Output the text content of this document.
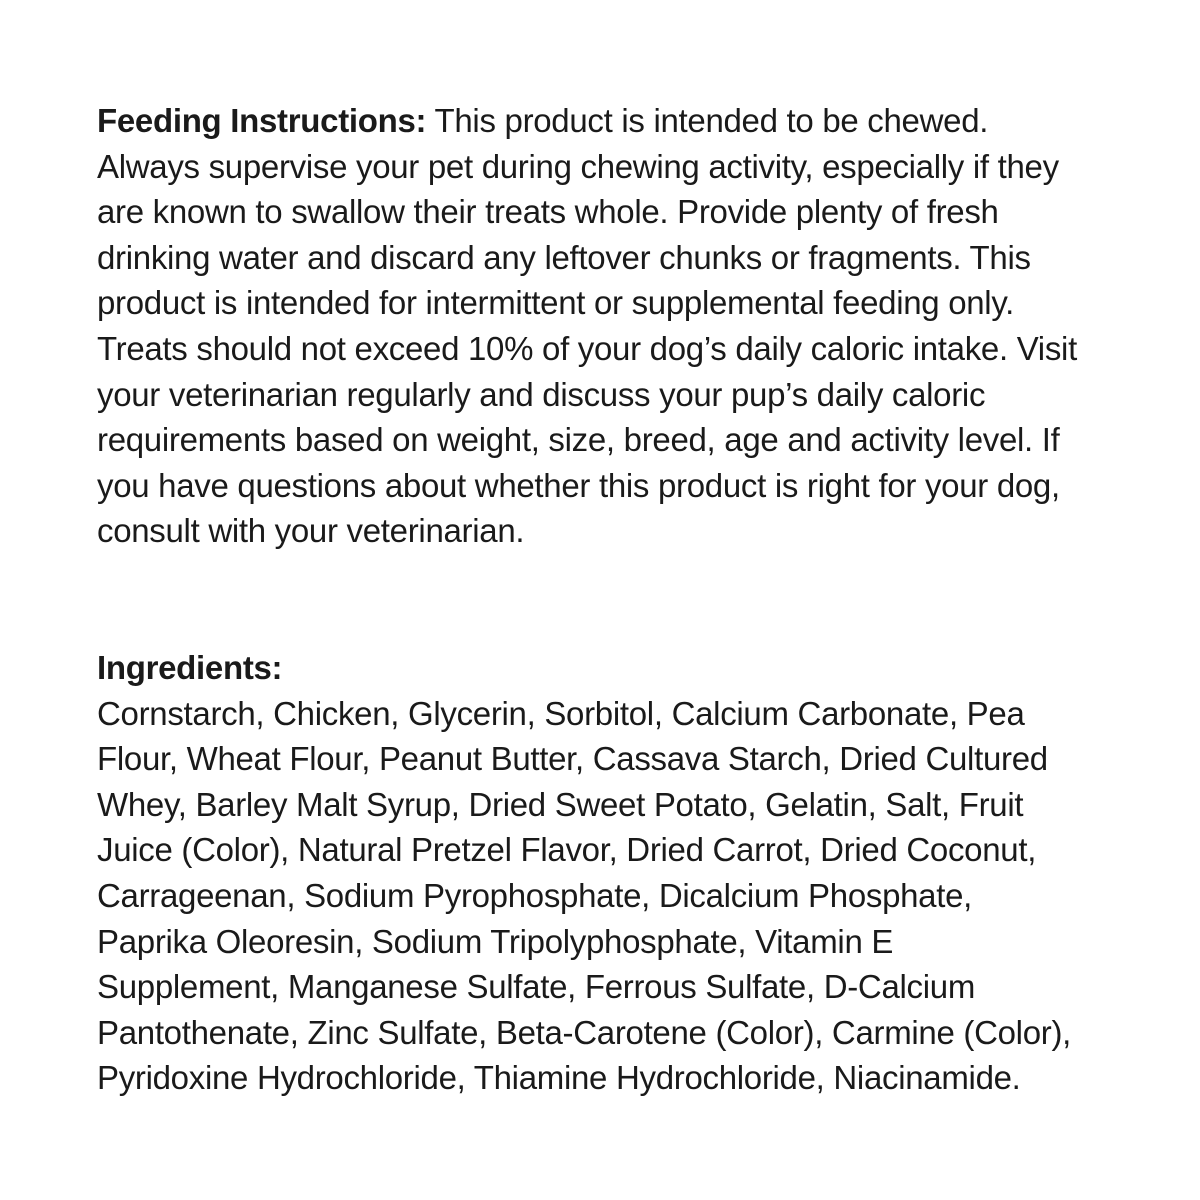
Feeding Instructions: This product is intended to be chewed. Always supervise your pet during chewing activity, especially if they are known to swallow their treats whole. Provide plenty of fresh drinking water and discard any leftover chunks or fragments. This product is intended for intermittent or supplemental feeding only. Treats should not exceed 10% of your dog’s daily caloric intake. Visit your veterinarian regularly and discuss your pup’s daily caloric requirements based on weight, size, breed, age and activity level. If you have questions about whether this product is right for your dog, consult with your veterinarian.

Ingredients:

Cornstarch, Chicken, Glycerin, Sorbitol, Calcium Carbonate, Pea Flour, Wheat Flour, Peanut Butter, Cassava Starch, Dried Cultured Whey, Barley Malt Syrup, Dried Sweet Potato, Gelatin, Salt, Fruit Juice (Color), Natural Pretzel Flavor, Dried Carrot, Dried Coconut, Carrageenan, Sodium Pyrophosphate, Dicalcium Phosphate, Paprika Oleoresin, Sodium Tripolyphosphate, Vitamin E Supplement, Manganese Sulfate, Ferrous Sulfate, D-Calcium Pantothenate, Zinc Sulfate, Beta-Carotene (Color), Carmine (Color), Pyridoxine Hydrochloride, Thiamine Hydrochloride, Niacinamide.
